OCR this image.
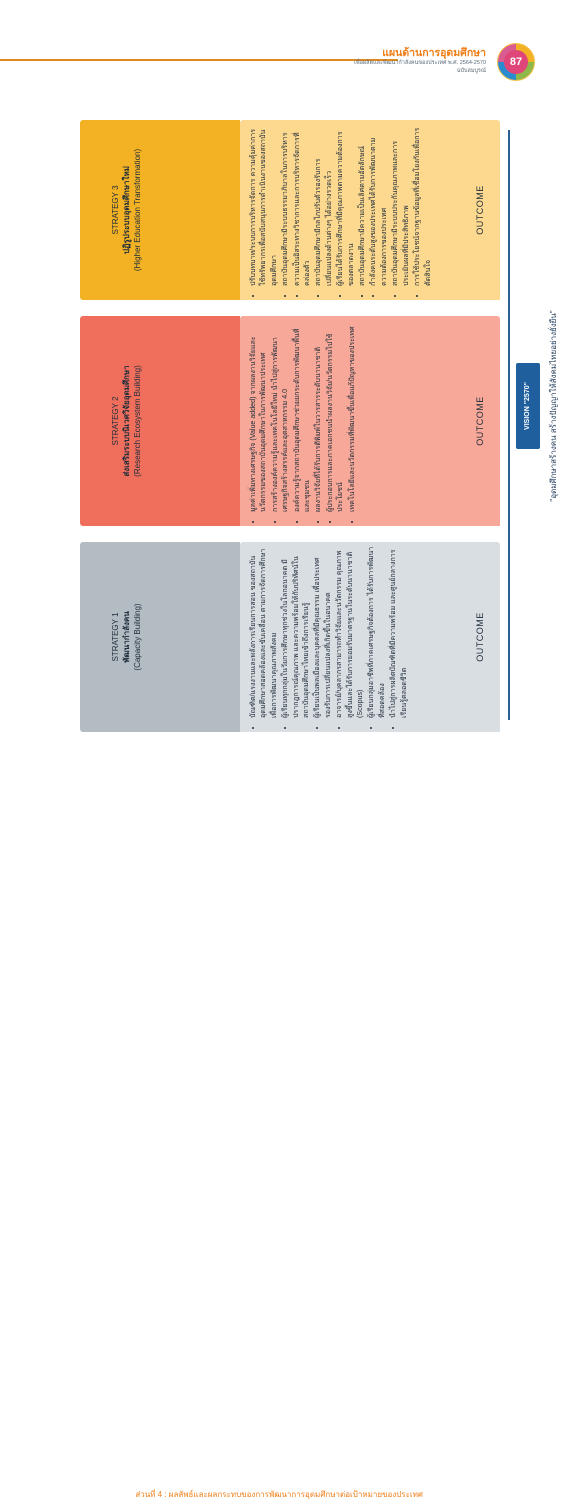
แผนด้านการอุดมศึกษา
เพื่อผลิตและพัฒนากำลังคนของประเทศ พ.ศ. 2564-2570
ฉบับสมบูรณ์
87
OUTCOME
OUTCOME
OUTCOME
• ปรับบทบาท/ระบบการบริหารจัดการ ความคุ้มค่าการใช้ทรัพยากรเพื่อสนับสนุนการดำเนินงานของสถาบันอุดมศึกษา • สถาบันอุดมศึกษามีระบบธรรมาภิบาลในการบริหาร • ความเป็นอิสระทางวิชาการและการบริหารจัดการที่คล่องตัว • สถาบันอุดมศึกษามีกลไกปรับตัวรองรับการเปลี่ยนแปลงด้านต่างๆ ได้อย่างรวดเร็ว • ผู้เรียนได้รับการศึกษาที่มีคุณภาพตามความต้องการของตลาดงาน • สถาบันอุดมศึกษามีความเป็นเลิศตามอัตลักษณ์ • กำลังคนระดับสูงของประเทศได้รับการพัฒนาตามความต้องการของประเทศ • สถาบันอุดมศึกษามีระบบประกันคุณภาพและการประเมินผลที่มีประสิทธิภาพ • การใช้ประโยชน์จากฐานข้อมูลที่เชื่อมโยงกันเพื่อการตัดสินใจ
• มูลค่าเพิ่มทางเศรษฐกิจ (Value added) จากผลงานวิจัยและนวัตกรรมของสถาบันอุดมศึกษาในการพัฒนาประเทศ • การสร้างองค์ความรู้และเทคโนโลยีใหม่ นำไปสู่การพัฒนาเศรษฐกิจสร้างสรรค์และอุตสาหกรรม 4.0 • องค์ความรู้จากสถาบันอุดมศึกษาช่วยยกระดับการพัฒนาพื้นที่และชุมชน • ผลงานวิจัยที่ได้รับการตีพิมพ์ในวารสารระดับนานาชาติ • ผู้ประกอบการและภาคเอกชนนำผลงานวิจัย/นวัตกรรมไปใช้ประโยชน์ • เทคโนโลยีและนวัตกรรมที่พัฒนาขึ้นเพื่อแก้ปัญหาของประเทศ
• บัณฑิต/แรงงานและพลังการเรียนการสอน ของสถาบันอุดมศึกษาสอดคล้องและขับเคลื่อน ตามการจัดการศึกษาเพื่อการพัฒนาคุณภาพสังคม • ผู้เรียนทุกกลุ่มในวัยการศึกษาทุกช่วงในโลกอนาคต มีปรากฎการณ์คุณภาพ และความพร้อมให้กับปริทัศน์ในสถาบันอุดมศึกษาไทยเข้าถึงการเรียนรู้ • ผู้เรียนเป็นพลเมืองและบุคคลที่มีคุณธรรม เพื่อประเทศ รองรับการเปลี่ยนแปลงที่เกิดขึ้นในอนาคต • อาจารย์/บุคลากรสามารถทำวิจัยและนวัตกรรม คุณภาพสูงขึ้นและได้รับการยอมรับมาตรฐานในระดับนานาชาติ (Scopus) • ผู้เรียนกลุ่มอาชีพที่ภาคเศรษฐกิจต้องการ ได้รับการพัฒนาที่สอดคล้อง • นำไปสู่การผลิตบัณฑิตที่มีความพร้อม และศูนย์กลางการเรียนรู้ตลอดชีวิต
STRATEGY 3 ปฏิรูประบบอุดมศึกษาใหม่ (Higher Education Transformation)
STRATEGY 2 ส่งเสริมระบบนิเวศวิจัยอุดมศึกษา (Research Ecosystem Building)
STRATEGY 1 พัฒนากำลังคน (Capacity Building)
VISION "2570"	"อุดมศึกษาสร้างคน สร้างปัญญาให้สังคมไทยอย่างยั่งยืน"
ส่วนที่ 4 : ผลลัพธ์และผลกระทบของการพัฒนาการอุดมศึกษาต่อเป้าหมายของประเทศ
